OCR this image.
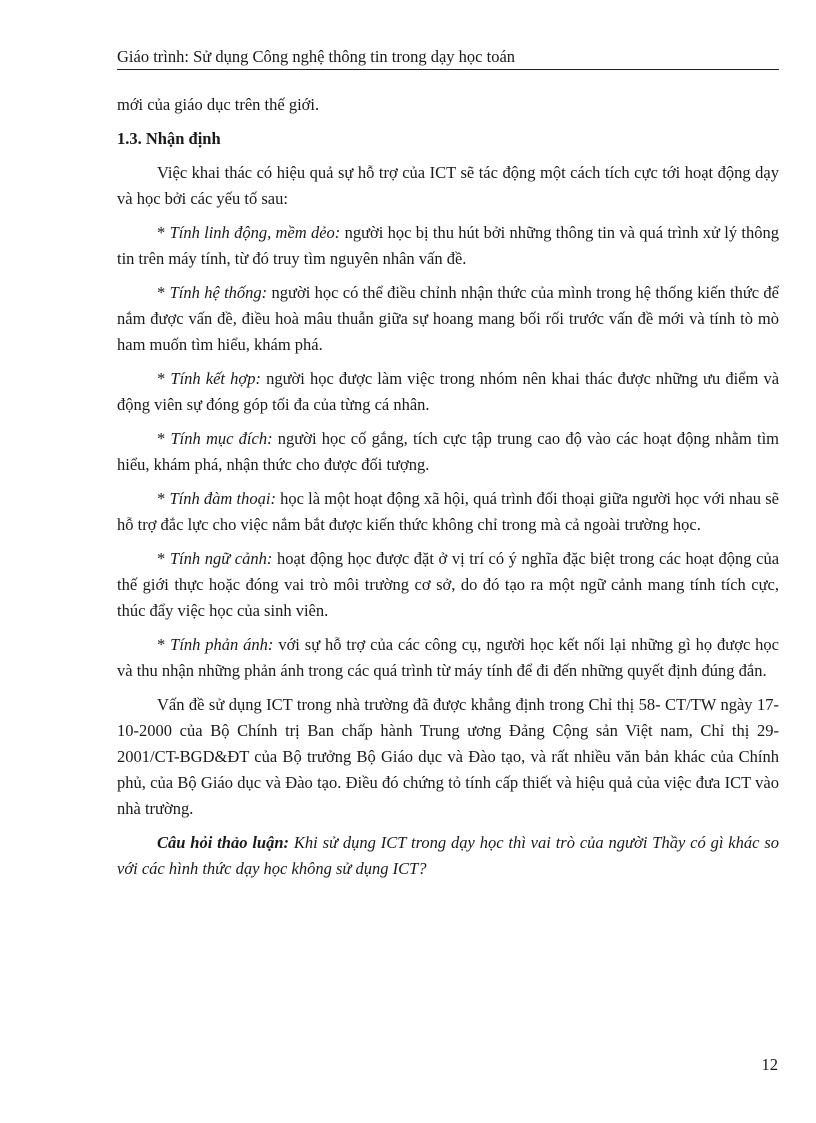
Giáo trình: Sử dụng Công nghệ thông tin trong dạy học toán

mới của giáo dục trên thế giới.

1.3. Nhận định

Việc khai thác có hiệu quả sự hỗ trợ của ICT sẽ tác động một cách tích cực tới hoạt động dạy và học bởi các yếu tố sau:

* Tính linh động, mềm dẻo: người học bị thu hút bởi những thông tin và quá trình xử lý thông tin trên máy tính, từ đó truy tìm nguyên nhân vấn đề.

* Tính hệ thống: người học có thể điều chỉnh nhận thức của mình trong hệ thống kiến thức để nắm được vấn đề, điều hoà mâu thuẫn giữa sự hoang mang bối rối trước vấn đề mới và tính tò mò ham muốn tìm hiểu, khám phá.

* Tính kết hợp: người học được làm việc trong nhóm nên khai thác được những ưu điểm và động viên sự đóng góp tối đa của từng cá nhân.

* Tính mục đích: người học cố gắng, tích cực tập trung cao độ vào các hoạt động nhằm tìm hiểu, khám phá, nhận thức cho được đối tượng.

* Tính đàm thoại: học là một hoạt động xã hội, quá trình đối thoại giữa người học với nhau sẽ hỗ trợ đắc lực cho việc nắm bắt được kiến thức không chỉ trong mà cả ngoài trường học.

* Tính ngữ cảnh: hoạt động học được đặt ở vị trí có ý nghĩa đặc biệt trong các hoạt động của thế giới thực hoặc đóng vai trò môi trường cơ sở, do đó tạo ra một ngữ cảnh mang tính tích cực, thúc đẩy việc học của sinh viên.

* Tính phản ánh: với sự hỗ trợ của các công cụ, người học kết nối lại những gì họ được học và thu nhận những phản ánh trong các quá trình từ máy tính để đi đến những quyết định đúng đắn.

Vấn đề sử dụng ICT trong nhà trường đã được khẳng định trong Chỉ thị 58- CT/TW ngày 17- 10-2000 của Bộ Chính trị Ban chấp hành Trung ương Đảng Cộng sản Việt nam, Chỉ thị 29-2001/CT-BGD&ĐT của Bộ trưởng Bộ Giáo dục và Đào tạo, và rất nhiều văn bản khác của Chính phủ, của Bộ Giáo dục và Đào tạo. Điều đó chứng tỏ tính cấp thiết và hiệu quả của việc đưa ICT vào nhà trường.

Câu hỏi thảo luận: Khi sử dụng ICT trong dạy học thì vai trò của người Thầy có gì khác so với các hình thức dạy học không sử dụng ICT?

12
